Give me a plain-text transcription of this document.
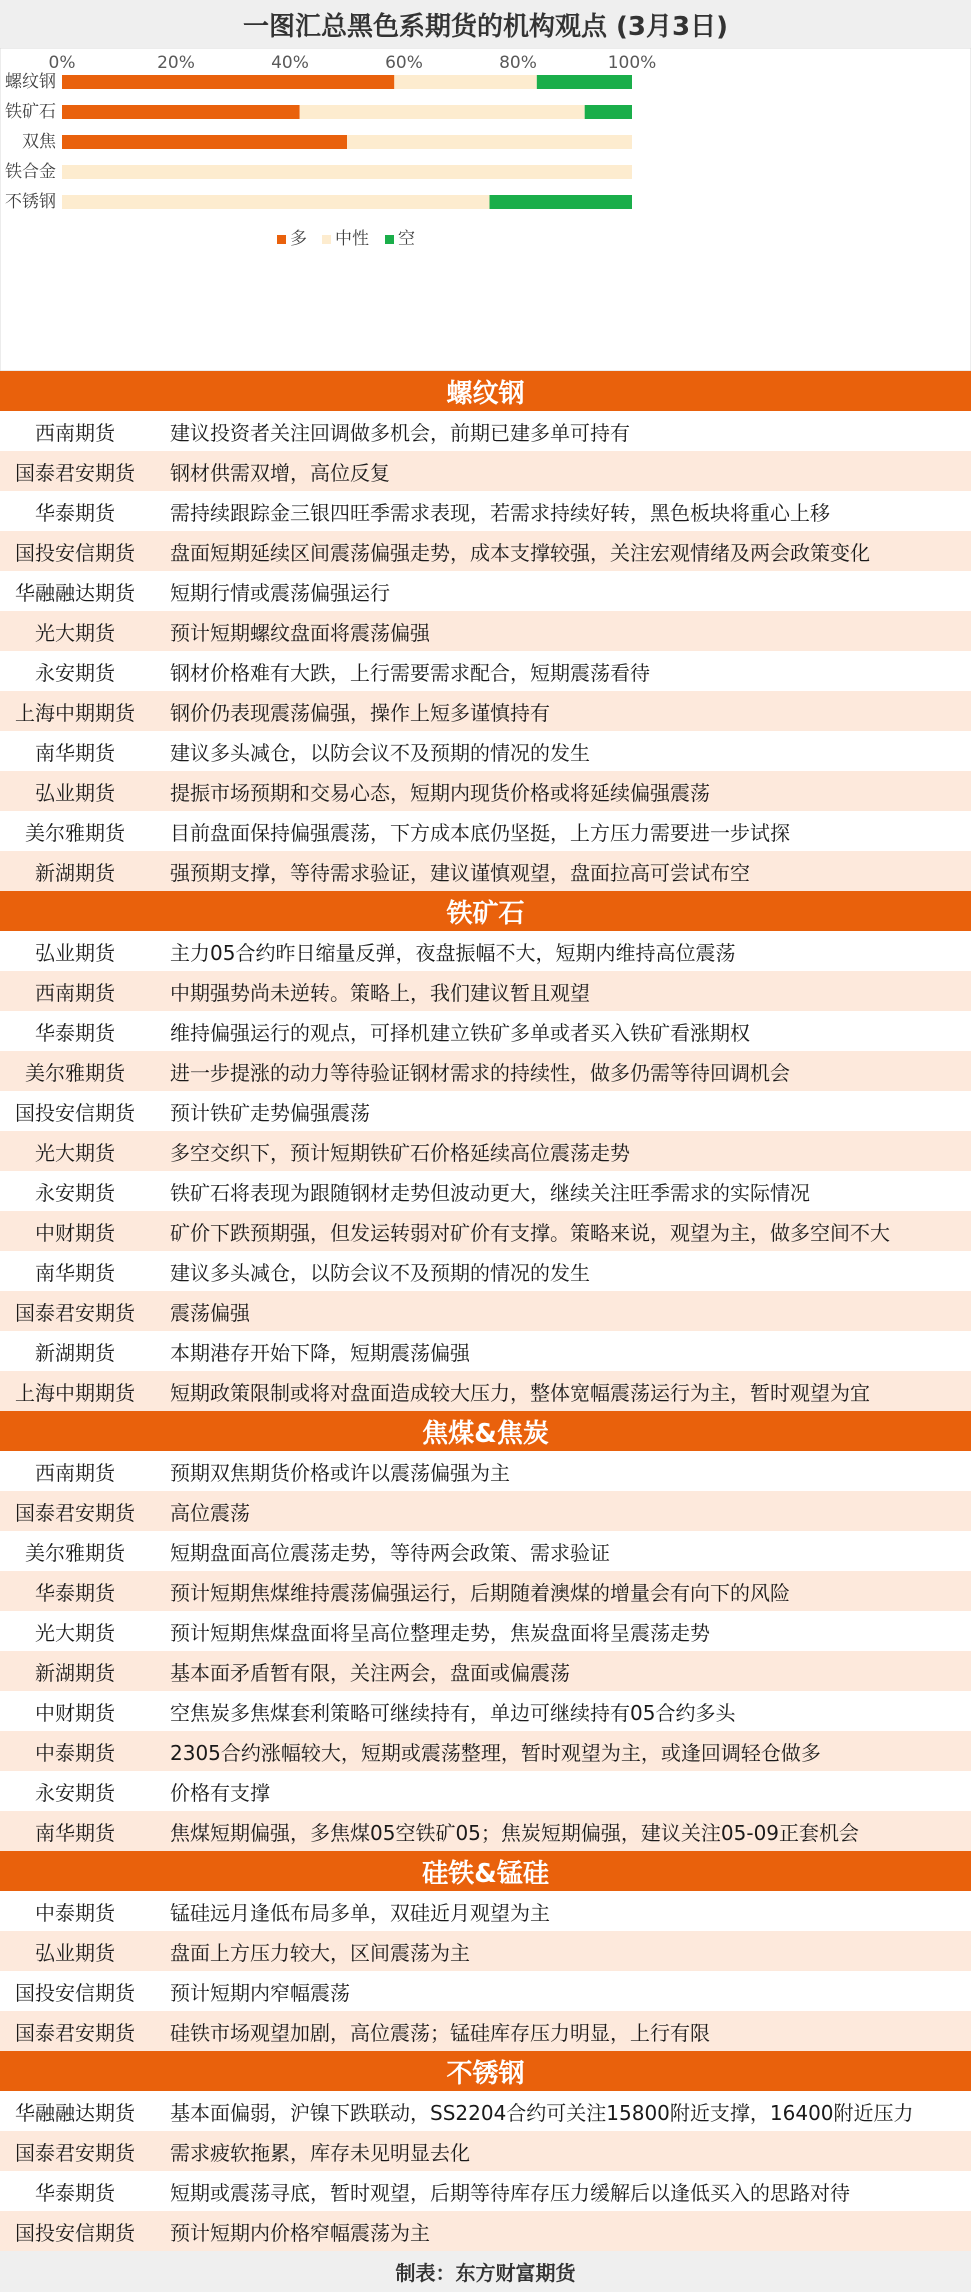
一图汇总黑色系期货的机构观点 (3月3日)
0%	20%	40%	60%	80%	100%
螺纹钢
铁矿石
双焦
铁合金
不锈钢
多 中性 空
螺纹钢
西南期货	建议投资者关注回调做多机会，前期已建多单可持有
国泰君安期货	钢材供需双增，高位反复
华泰期货	需持续跟踪金三银四旺季需求表现，若需求持续好转，黑色板块将重心上移
国投安信期货	盘面短期延续区间震荡偏强走势，成本支撑较强，关注宏观情绪及两会政策变化
华融融达期货	短期行情或震荡偏强运行
光大期货	预计短期螺纹盘面将震荡偏强
永安期货	钢材价格难有大跌，上行需要需求配合，短期震荡看待
上海中期期货	钢价仍表现震荡偏强，操作上短多谨慎持有
南华期货	建议多头减仓，以防会议不及预期的情况的发生
弘业期货	提振市场预期和交易心态，短期内现货价格或将延续偏强震荡
美尔雅期货	目前盘面保持偏强震荡，下方成本底仍坚挺，上方压力需要进一步试探
新湖期货	强预期支撑，等待需求验证，建议谨慎观望，盘面拉高可尝试布空
铁矿石
弘业期货	主力05合约昨日缩量反弹，夜盘振幅不大，短期内维持高位震荡
西南期货	中期强势尚未逆转。策略上，我们建议暂且观望
华泰期货	维持偏强运行的观点，可择机建立铁矿多单或者买入铁矿看涨期权
美尔雅期货	进一步提涨的动力等待验证钢材需求的持续性，做多仍需等待回调机会
国投安信期货	预计铁矿走势偏强震荡
光大期货	多空交织下，预计短期铁矿石价格延续高位震荡走势
永安期货	铁矿石将表现为跟随钢材走势但波动更大，继续关注旺季需求的实际情况
中财期货	矿价下跌预期强，但发运转弱对矿价有支撑。策略来说，观望为主，做多空间不大
南华期货	建议多头减仓，以防会议不及预期的情况的发生
国泰君安期货	震荡偏强
新湖期货	本期港存开始下降，短期震荡偏强
上海中期期货	短期政策限制或将对盘面造成较大压力，整体宽幅震荡运行为主，暂时观望为宜
焦煤&焦炭
西南期货	预期双焦期货价格或许以震荡偏强为主
国泰君安期货	高位震荡
美尔雅期货	短期盘面高位震荡走势，等待两会政策、需求验证
华泰期货	预计短期焦煤维持震荡偏强运行，后期随着澳煤的增量会有向下的风险
光大期货	预计短期焦煤盘面将呈高位整理走势，焦炭盘面将呈震荡走势
新湖期货	基本面矛盾暂有限，关注两会，盘面或偏震荡
中财期货	空焦炭多焦煤套利策略可继续持有，单边可继续持有05合约多头
中泰期货	2305合约涨幅较大，短期或震荡整理，暂时观望为主，或逢回调轻仓做多
永安期货	价格有支撑
南华期货	焦煤短期偏强，多焦煤05空铁矿05；焦炭短期偏强，建议关注05-09正套机会
硅铁&锰硅
中泰期货	锰硅远月逢低布局多单，双硅近月观望为主
弘业期货	盘面上方压力较大，区间震荡为主
国投安信期货	预计短期内窄幅震荡
国泰君安期货	硅铁市场观望加剧，高位震荡；锰硅库存压力明显，上行有限
不锈钢
华融融达期货	基本面偏弱，沪镍下跌联动，SS2204合约可关注15800附近支撑，16400附近压力
国泰君安期货	需求疲软拖累，库存未见明显去化
华泰期货	短期或震荡寻底，暂时观望，后期等待库存压力缓解后以逢低买入的思路对待
国投安信期货	预计短期内价格窄幅震荡为主
制表：东方财富期货
